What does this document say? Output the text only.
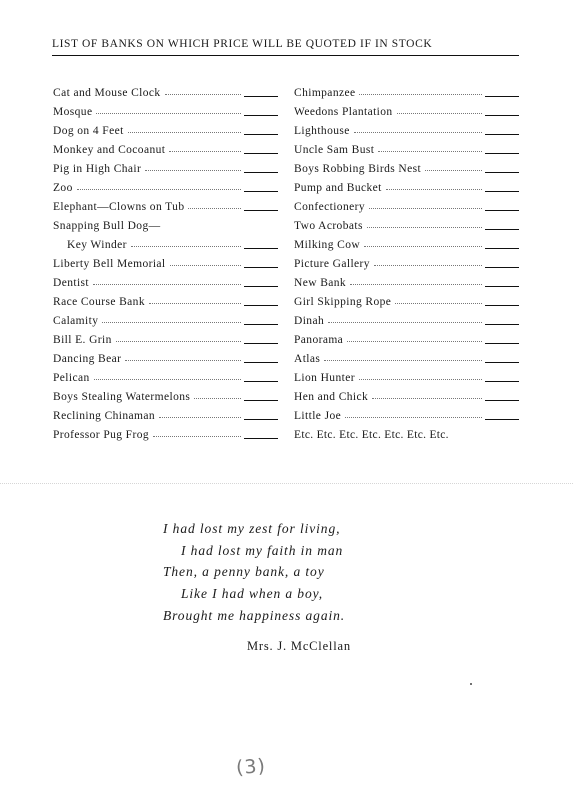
LIST OF BANKS ON WHICH PRICE WILL BE QUOTED IF IN STOCK
Cat and Mouse Clock
Mosque
Dog on 4 Feet
Monkey and Cocoanut
Pig in High Chair
Zoo
Elephant—Clowns on Tub
Snapping Bull Dog—
Key Winder
Liberty Bell Memorial
Dentist
Race Course Bank
Calamity
Bill E. Grin
Dancing Bear
Pelican
Boys Stealing Watermelons
Reclining Chinaman
Professor Pug Frog
Chimpanzee
Weedons Plantation
Lighthouse
Uncle Sam Bust
Boys Robbing Birds Nest
Pump and Bucket
Confectionery
Two Acrobats
Milking Cow
Picture Gallery
New Bank
Girl Skipping Rope
Dinah
Panorama
Atlas
Lion Hunter
Hen and Chick
Little Joe
Etc. Etc. Etc. Etc. Etc. Etc. Etc.
I had lost my zest for living,
I had lost my faith in man
Then, a penny bank, a toy
Like I had when a boy,
Brought me happiness again.
Mrs. J. McClellan
(3)
